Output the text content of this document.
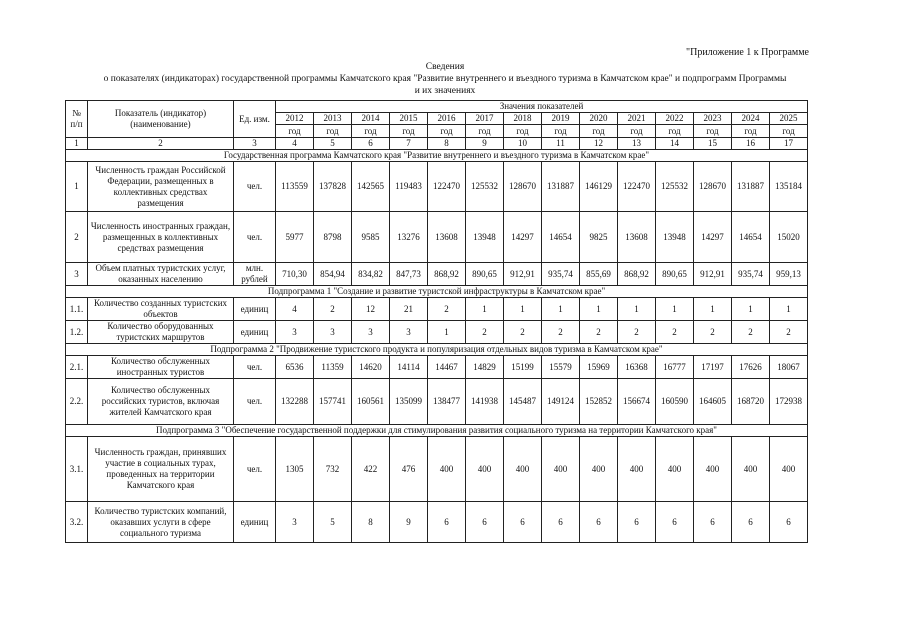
"Приложение 1 к Программе
Сведения
о показателях (индикаторах) государственной программы Камчатского края "Развитие внутреннего и въездного туризма в Камчатском крае" и подпрограмм Программы
и их значениях
№ п/п	Показатель (индикатор) (наименование)	Ед. изм.	Значения показателей													
			2012	2013	2014	2015	2016	2017	2018	2019	2020	2021	2022	2023	2024	2025
			год	год	год	год	год	год	год	год	год	год	год	год	год	год
1	2	3	4	5	6	7	8	9	10	11	12	13	14	15	16	17
Государственная программа Камчатского края "Развитие внутреннего и въездного туризма в Камчатском крае"																
1	Численность граждан Российской Федерации, размещенных в коллективных средствах размещения	чел.	113559	137828	142565	119483	122470	125532	128670	131887	146129	122470	125532	128670	131887	135184
2	Численность иностранных граждан, размещенных в коллективных средствах размещения	чел.	5977	8798	9585	13276	13608	13948	14297	14654	9825	13608	13948	14297	14654	15020
3	Объем платных туристских услуг, оказанных населению	млн. рублей	710,30	854,94	834,82	847,73	868,92	890,65	912,91	935,74	855,69	868,92	890,65	912,91	935,74	959,13
Подпрограмма 1 "Создание и развитие туристской инфраструктуры в Камчатском крае"																
1.1.	Количество созданных туристских объектов	единиц	4	2	12	21	2	1	1	1	1	1	1	1	1	1
1.2.	Количество оборудованных туристских маршрутов	единиц	3	3	3	3	1	2	2	2	2	2	2	2	2	2
Подпрограмма 2 "Продвижение туристского продукта и популяризация отдельных видов туризма в Камчатском крае"																
2.1.	Количество обслуженных иностранных туристов	чел.	6536	11359	14620	14114	14467	14829	15199	15579	15969	16368	16777	17197	17626	18067
2.2.	Количество обслуженных российских туристов, включая жителей Камчатского края	чел.	132288	157741	160561	135099	138477	141938	145487	149124	152852	156674	160590	164605	168720	172938
Подпрограмма 3 "Обеспечение государственной поддержки для стимулирования развития социального туризма на территории Камчатского края"																
3.1.	Численность граждан, принявших участие в социальных турах, проведенных на территории Камчатского края	чел.	1305	732	422	476	400	400	400	400	400	400	400	400	400	400
3.2.	Количество туристских компаний, оказавших услуги в сфере социального туризма	единиц	3	5	8	9	6	6	6	6	6	6	6	6	6	6
